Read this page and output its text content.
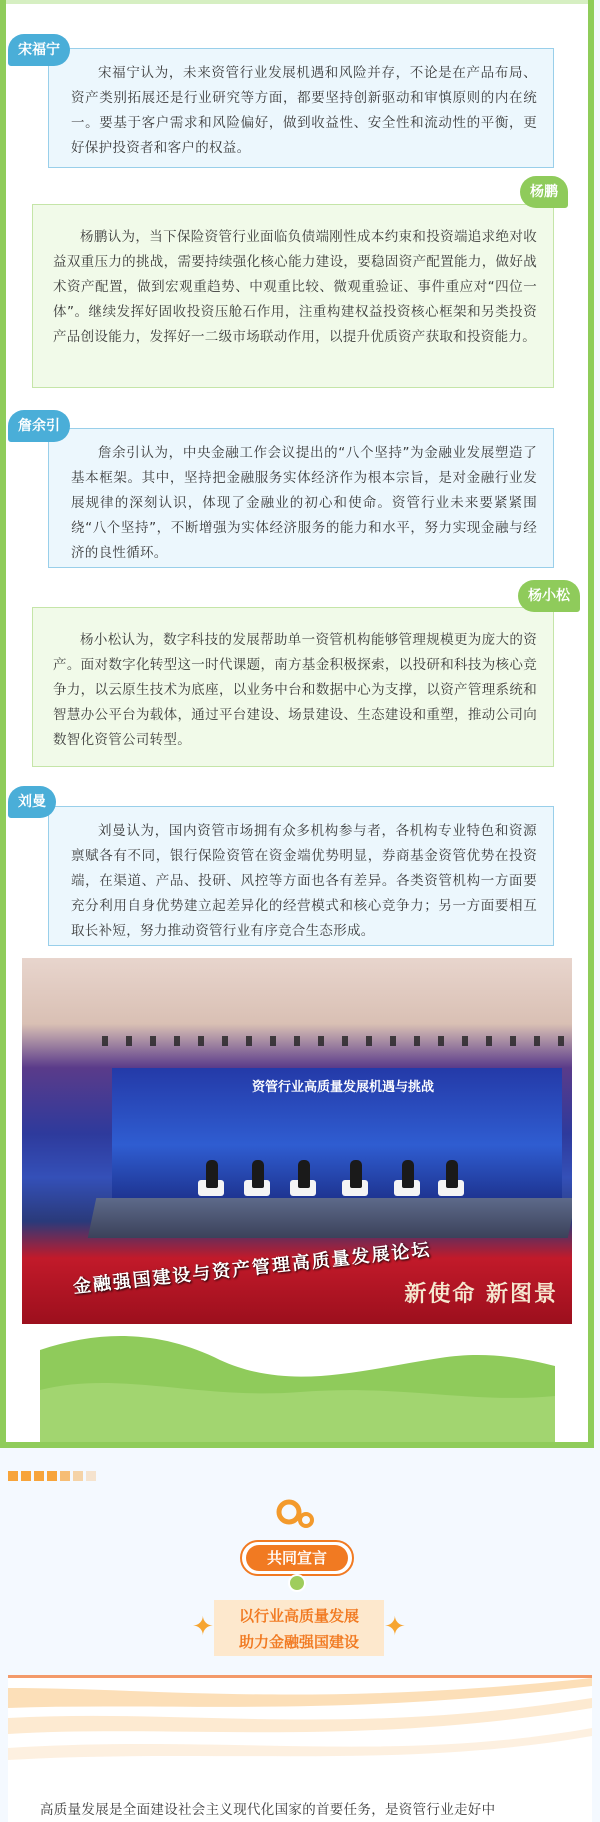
宋福宁认为，未来资管行业发展机遇和风险并存，不论是在产品布局、资产类别拓展还是行业研究等方面，都要坚持创新驱动和审慎原则的内在统一。要基于客户需求和风险偏好，做到收益性、安全性和流动性的平衡，更好保护投资者和客户的权益。

宋福宁

杨鹏认为，当下保险资管行业面临负债端刚性成本约束和投资端追求绝对收益双重压力的挑战，需要持续强化核心能力建设，要稳固资产配置能力，做好战术资产配置，做到宏观重趋势、中观重比较、微观重验证、事件重应对“四位一体”。继续发挥好固收投资压舱石作用，注重构建权益投资核心框架和另类投资产品创设能力，发挥好一二级市场联动作用，以提升优质资产获取和投资能力。

杨鹏

詹余引认为，中央金融工作会议提出的“八个坚持”为金融业发展塑造了基本框架。其中，坚持把金融服务实体经济作为根本宗旨，是对金融行业发展规律的深刻认识，体现了金融业的初心和使命。资管行业未来要紧紧围绕“八个坚持”，不断增强为实体经济服务的能力和水平，努力实现金融与经济的良性循环。

詹余引

杨小松认为，数字科技的发展帮助单一资管机构能够管理规模更为庞大的资产。面对数字化转型这一时代课题，南方基金积极探索，以投研和科技为核心竞争力，以云原生技术为底座，以业务中台和数据中心为支撑，以资产管理系统和智慧办公平台为载体，通过平台建设、场景建设、生态建设和重塑，推动公司向数智化资管公司转型。

杨小松

刘曼认为，国内资管市场拥有众多机构参与者，各机构专业特色和资源禀赋各有不同，银行保险资管在资金端优势明显，券商基金资管优势在投资端，在渠道、产品、投研、风控等方面也各有差异。各类资管机构一方面要充分利用自身优势建立起差异化的经营模式和核心竞争力；另一方面要相互取长补短，努力推动资管行业有序竞合生态形成。

刘曼
资管行业高质量发展机遇与挑战
金融强国建设与资产管理高质量发展论坛
新使命 新图景
共同宣言
✦	以行业高质量发展
助力金融强国建设 ✦
高质量发展是全面建设社会主义现代化国家的首要任务，是资管行业走好中
